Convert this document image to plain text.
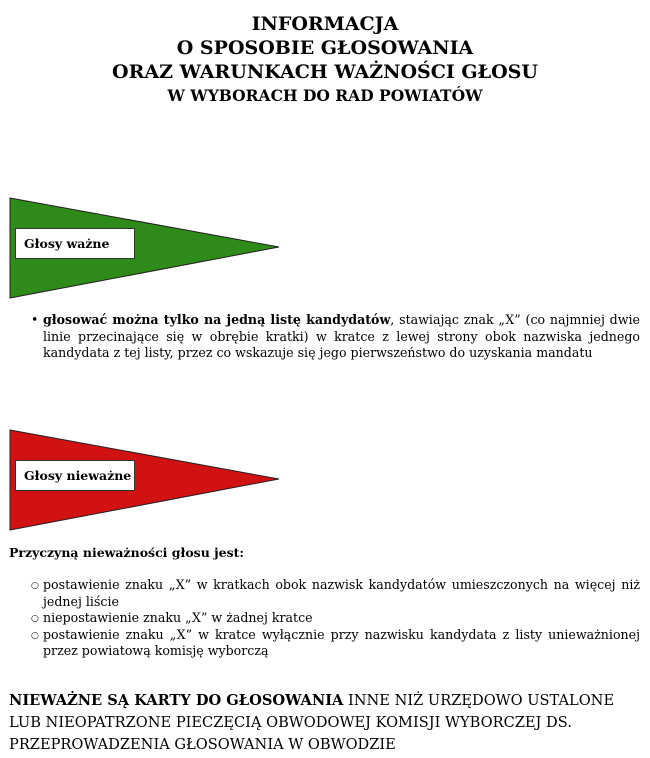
INFORMACJA
O SPOSOBIE GŁOSOWANIA
ORAZ WARUNKACH WAŻNOŚCI GŁOSU
W WYBORACH DO RAD POWIATÓW
Głosy ważne
• głosować można tylko na jedną listę kandydatów, stawiając znak „X” (co najmniej dwie linie przecinające się w obrębie kratki) w kratce z lewej strony obok nazwiska jednego kandydata z tej listy, przez co wskazuje się jego pierwszeństwo do uzyskania mandatu
Głosy nieważne
Przyczyną nieważności głosu jest:
○ postawienie znaku „X” w kratkach obok nazwisk kandydatów umieszczonych na więcej niż jednej liście
○ niepostawienie znaku „X” w żadnej kratce
○ postawienie znaku „X” w kratce wyłącznie przy nazwisku kandydata z listy unieważnionej przez powiatową komisję wyborczą
NIEWAŻNE SĄ KARTY DO GŁOSOWANIA INNE NIŻ URZĘDOWO USTALONE LUB NIEOPATRZONE PIECZĘCIĄ OBWODOWEJ KOMISJI WYBORCZEJ DS. PRZEPROWADZENIA GŁOSOWANIA W OBWODZIE
